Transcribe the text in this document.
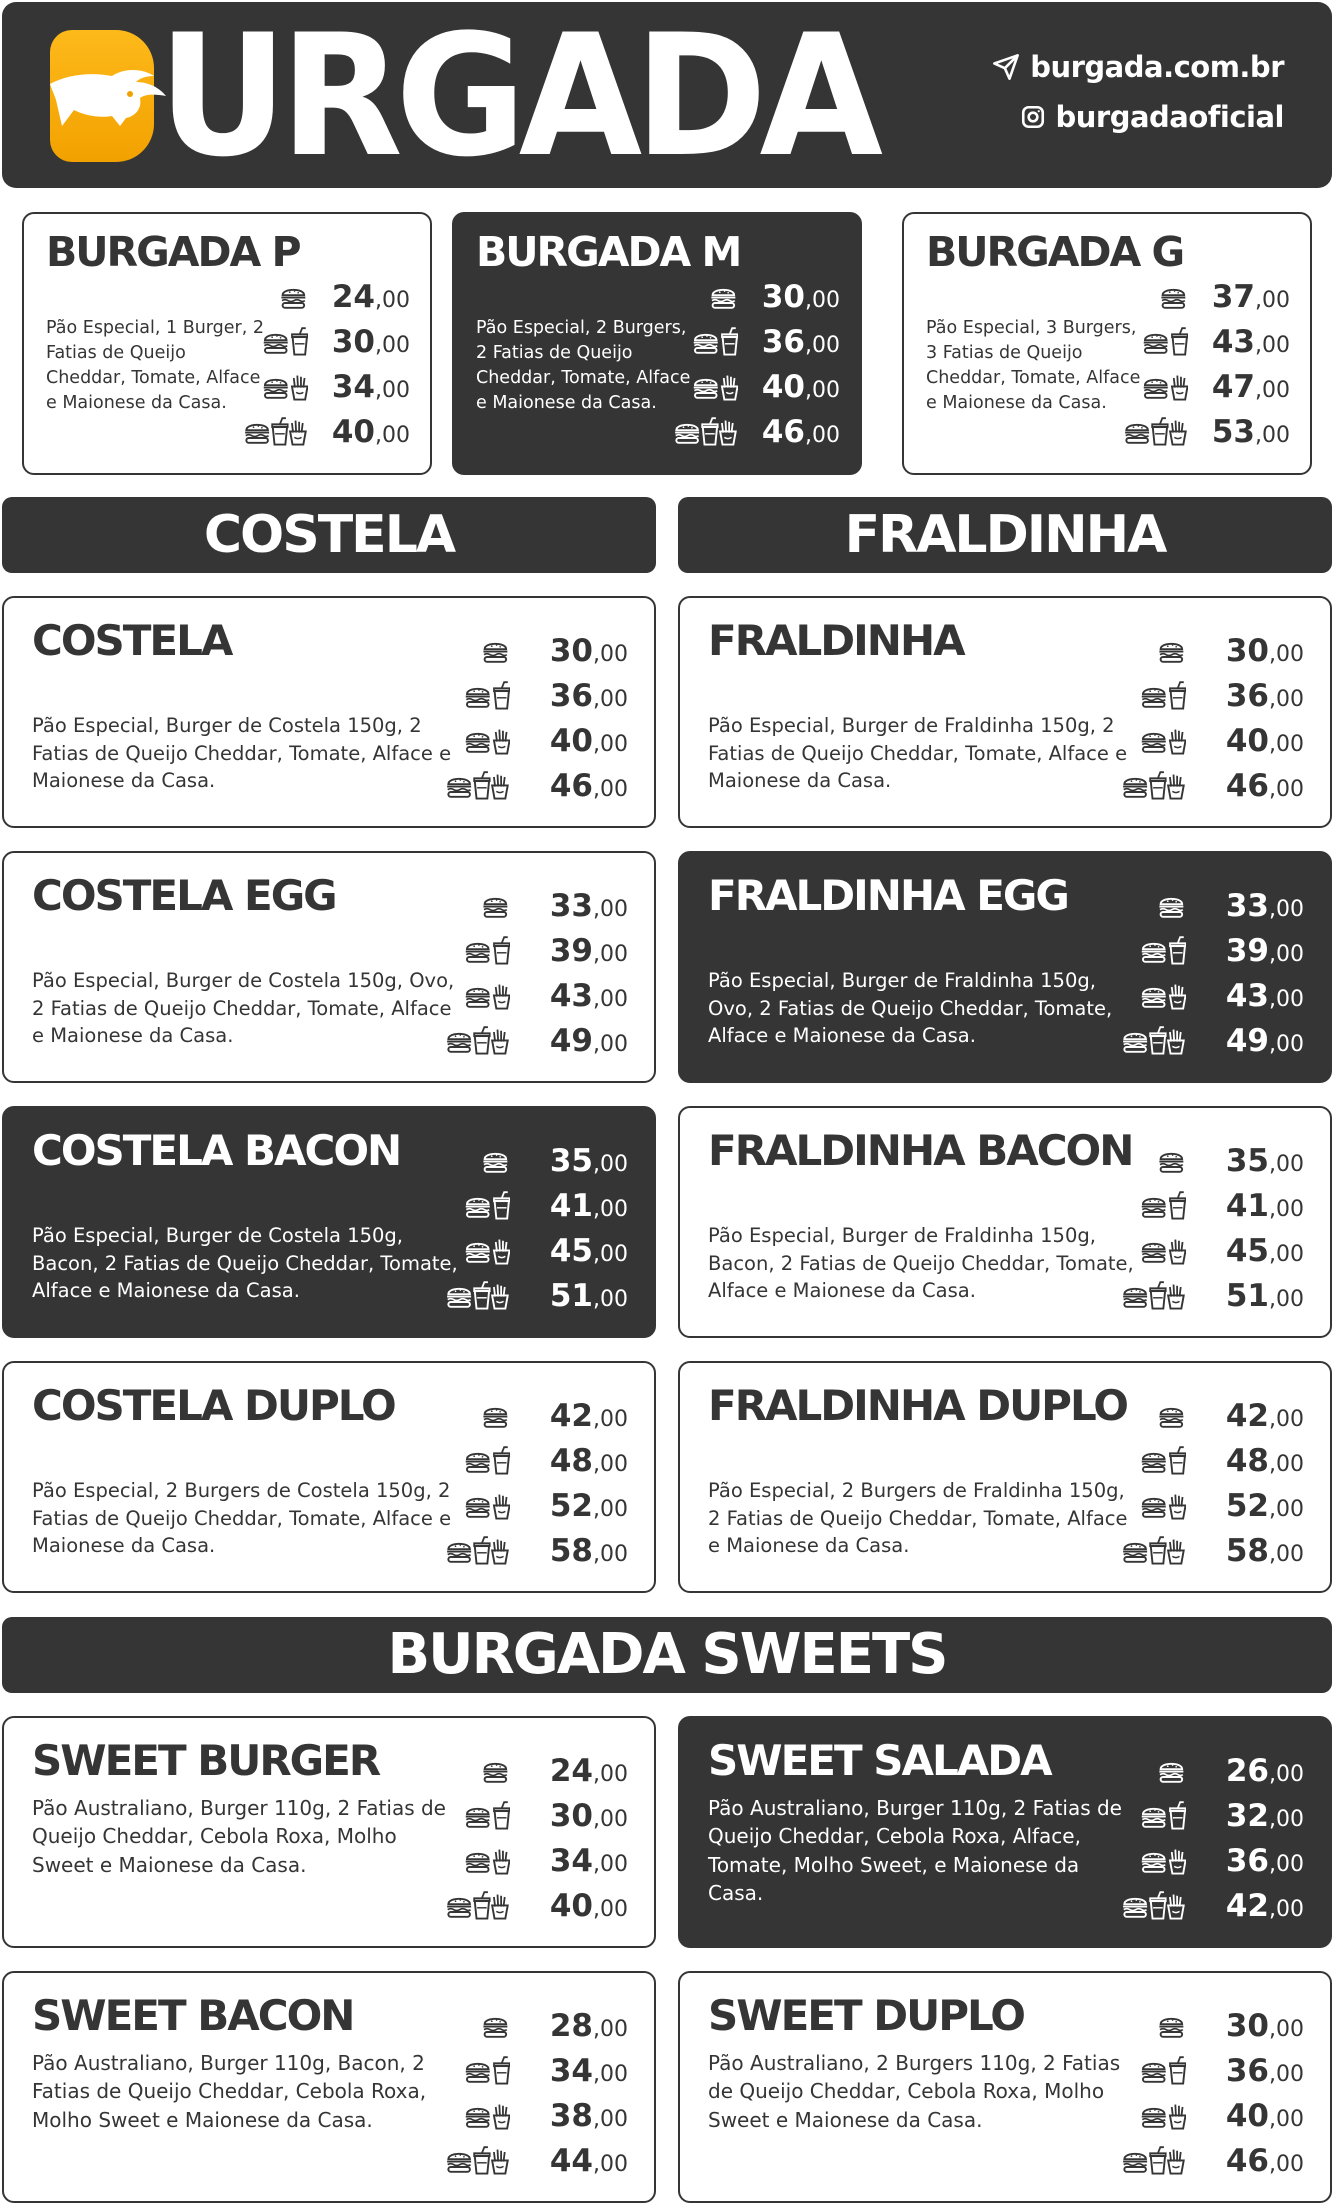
URGADA	burgada.com.br
burgadaoficial
BURGADA P
Pão Especial, 1 Burger, 2 Fatias de Queijo Cheddar, Tomate, Alface e Maionese da Casa.
24,00
30,00
34,00
40,00
BURGADA M
Pão Especial, 2 Burgers, 2 Fatias de Queijo Cheddar, Tomate, Alface e Maionese da Casa.
30,00
36,00
40,00
46,00
BURGADA G
Pão Especial, 3 Burgers, 3 Fatias de Queijo Cheddar, Tomate, Alface e Maionese da Casa.
37,00
43,00
47,00
53,00
COSTELA	FRALDINHA
COSTELA
Pão Especial, Burger de Costela 150g, 2 Fatias de Queijo Cheddar, Tomate, Alface e Maionese da Casa.
30,00
36,00
40,00
46,00
COSTELA EGG
Pão Especial, Burger de Costela 150g, Ovo, 2 Fatias de Queijo Cheddar, Tomate, Alface e Maionese da Casa.
33,00
39,00
43,00
49,00
COSTELA BACON
Pão Especial, Burger de Costela 150g, Bacon, 2 Fatias de Queijo Cheddar, Tomate, Alface e Maionese da Casa.
35,00
41,00
45,00
51,00
COSTELA DUPLO
Pão Especial, 2 Burgers de Costela 150g, 2 Fatias de Queijo Cheddar, Tomate, Alface e Maionese da Casa.
42,00
48,00
52,00
58,00
FRALDINHA
Pão Especial, Burger de Fraldinha 150g, 2 Fatias de Queijo Cheddar, Tomate, Alface e Maionese da Casa.
30,00
36,00
40,00
46,00
FRALDINHA EGG
Pão Especial, Burger de Fraldinha 150g, Ovo, 2 Fatias de Queijo Cheddar, Tomate, Alface e Maionese da Casa.
33,00
39,00
43,00
49,00
FRALDINHA BACON
Pão Especial, Burger de Fraldinha 150g, Bacon, 2 Fatias de Queijo Cheddar, Tomate, Alface e Maionese da Casa.
35,00
41,00
45,00
51,00
FRALDINHA DUPLO
Pão Especial, 2 Burgers de Fraldinha 150g, 2 Fatias de Queijo Cheddar, Tomate, Alface e Maionese da Casa.
42,00
48,00
52,00
58,00
BURGADA SWEETS
SWEET BURGER
Pão Australiano, Burger 110g, 2 Fatias de Queijo Cheddar, Cebola Roxa, Molho Sweet e Maionese da Casa.
24,00
30,00
34,00
40,00
SWEET BACON
Pão Australiano, Burger 110g, Bacon, 2 Fatias de Queijo Cheddar, Cebola Roxa, Molho Sweet e Maionese da Casa.
28,00
34,00
38,00
44,00
SWEET SALADA
Pão Australiano, Burger 110g, 2 Fatias de Queijo Cheddar, Cebola Roxa, Alface, Tomate, Molho Sweet, e Maionese da Casa.
26,00
32,00
36,00
42,00
SWEET DUPLO
Pão Australiano, 2 Burgers 110g, 2 Fatias de Queijo Cheddar, Cebola Roxa, Molho Sweet e Maionese da Casa.
30,00
36,00
40,00
46,00
